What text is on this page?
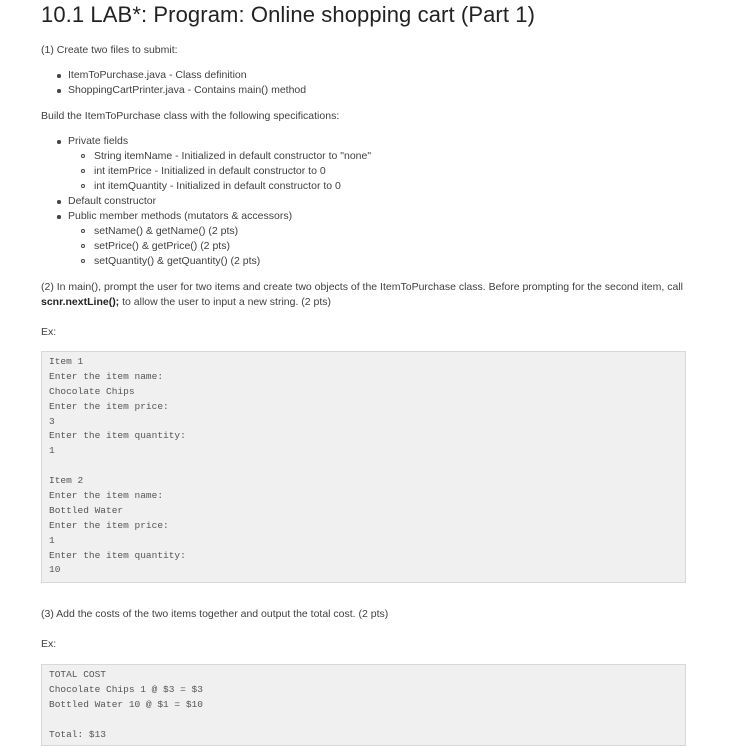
10.1 LAB*: Program: Online shopping cart (Part 1)

(1) Create two files to submit:

ItemToPurchase.java - Class definition
ShoppingCartPrinter.java - Contains main() method

Build the ItemToPurchase class with the following specifications:

Private fields
String itemName - Initialized in default constructor to "none"
int itemPrice - Initialized in default constructor to 0
int itemQuantity - Initialized in default constructor to 0
Default constructor
Public member methods (mutators & accessors)
setName() & getName() (2 pts)
setPrice() & getPrice() (2 pts)
setQuantity() & getQuantity() (2 pts)

(2) In main(), prompt the user for two items and create two objects of the ItemToPurchase class. Before prompting for the second item, call
scnr.nextLine(); to allow the user to input a new string. (2 pts)

Ex:

Item 1
Enter the item name:
Chocolate Chips
Enter the item price:
3
Enter the item quantity:
1
Item 2
Enter the item name:
Bottled Water
Enter the item price:
1
Enter the item quantity:
10

(3) Add the costs of the two items together and output the total cost. (2 pts)

Ex:

TOTAL COST
Chocolate Chips 1 @ $3 = $3
Bottled Water 10 @ $1 = $10
Total: $13
